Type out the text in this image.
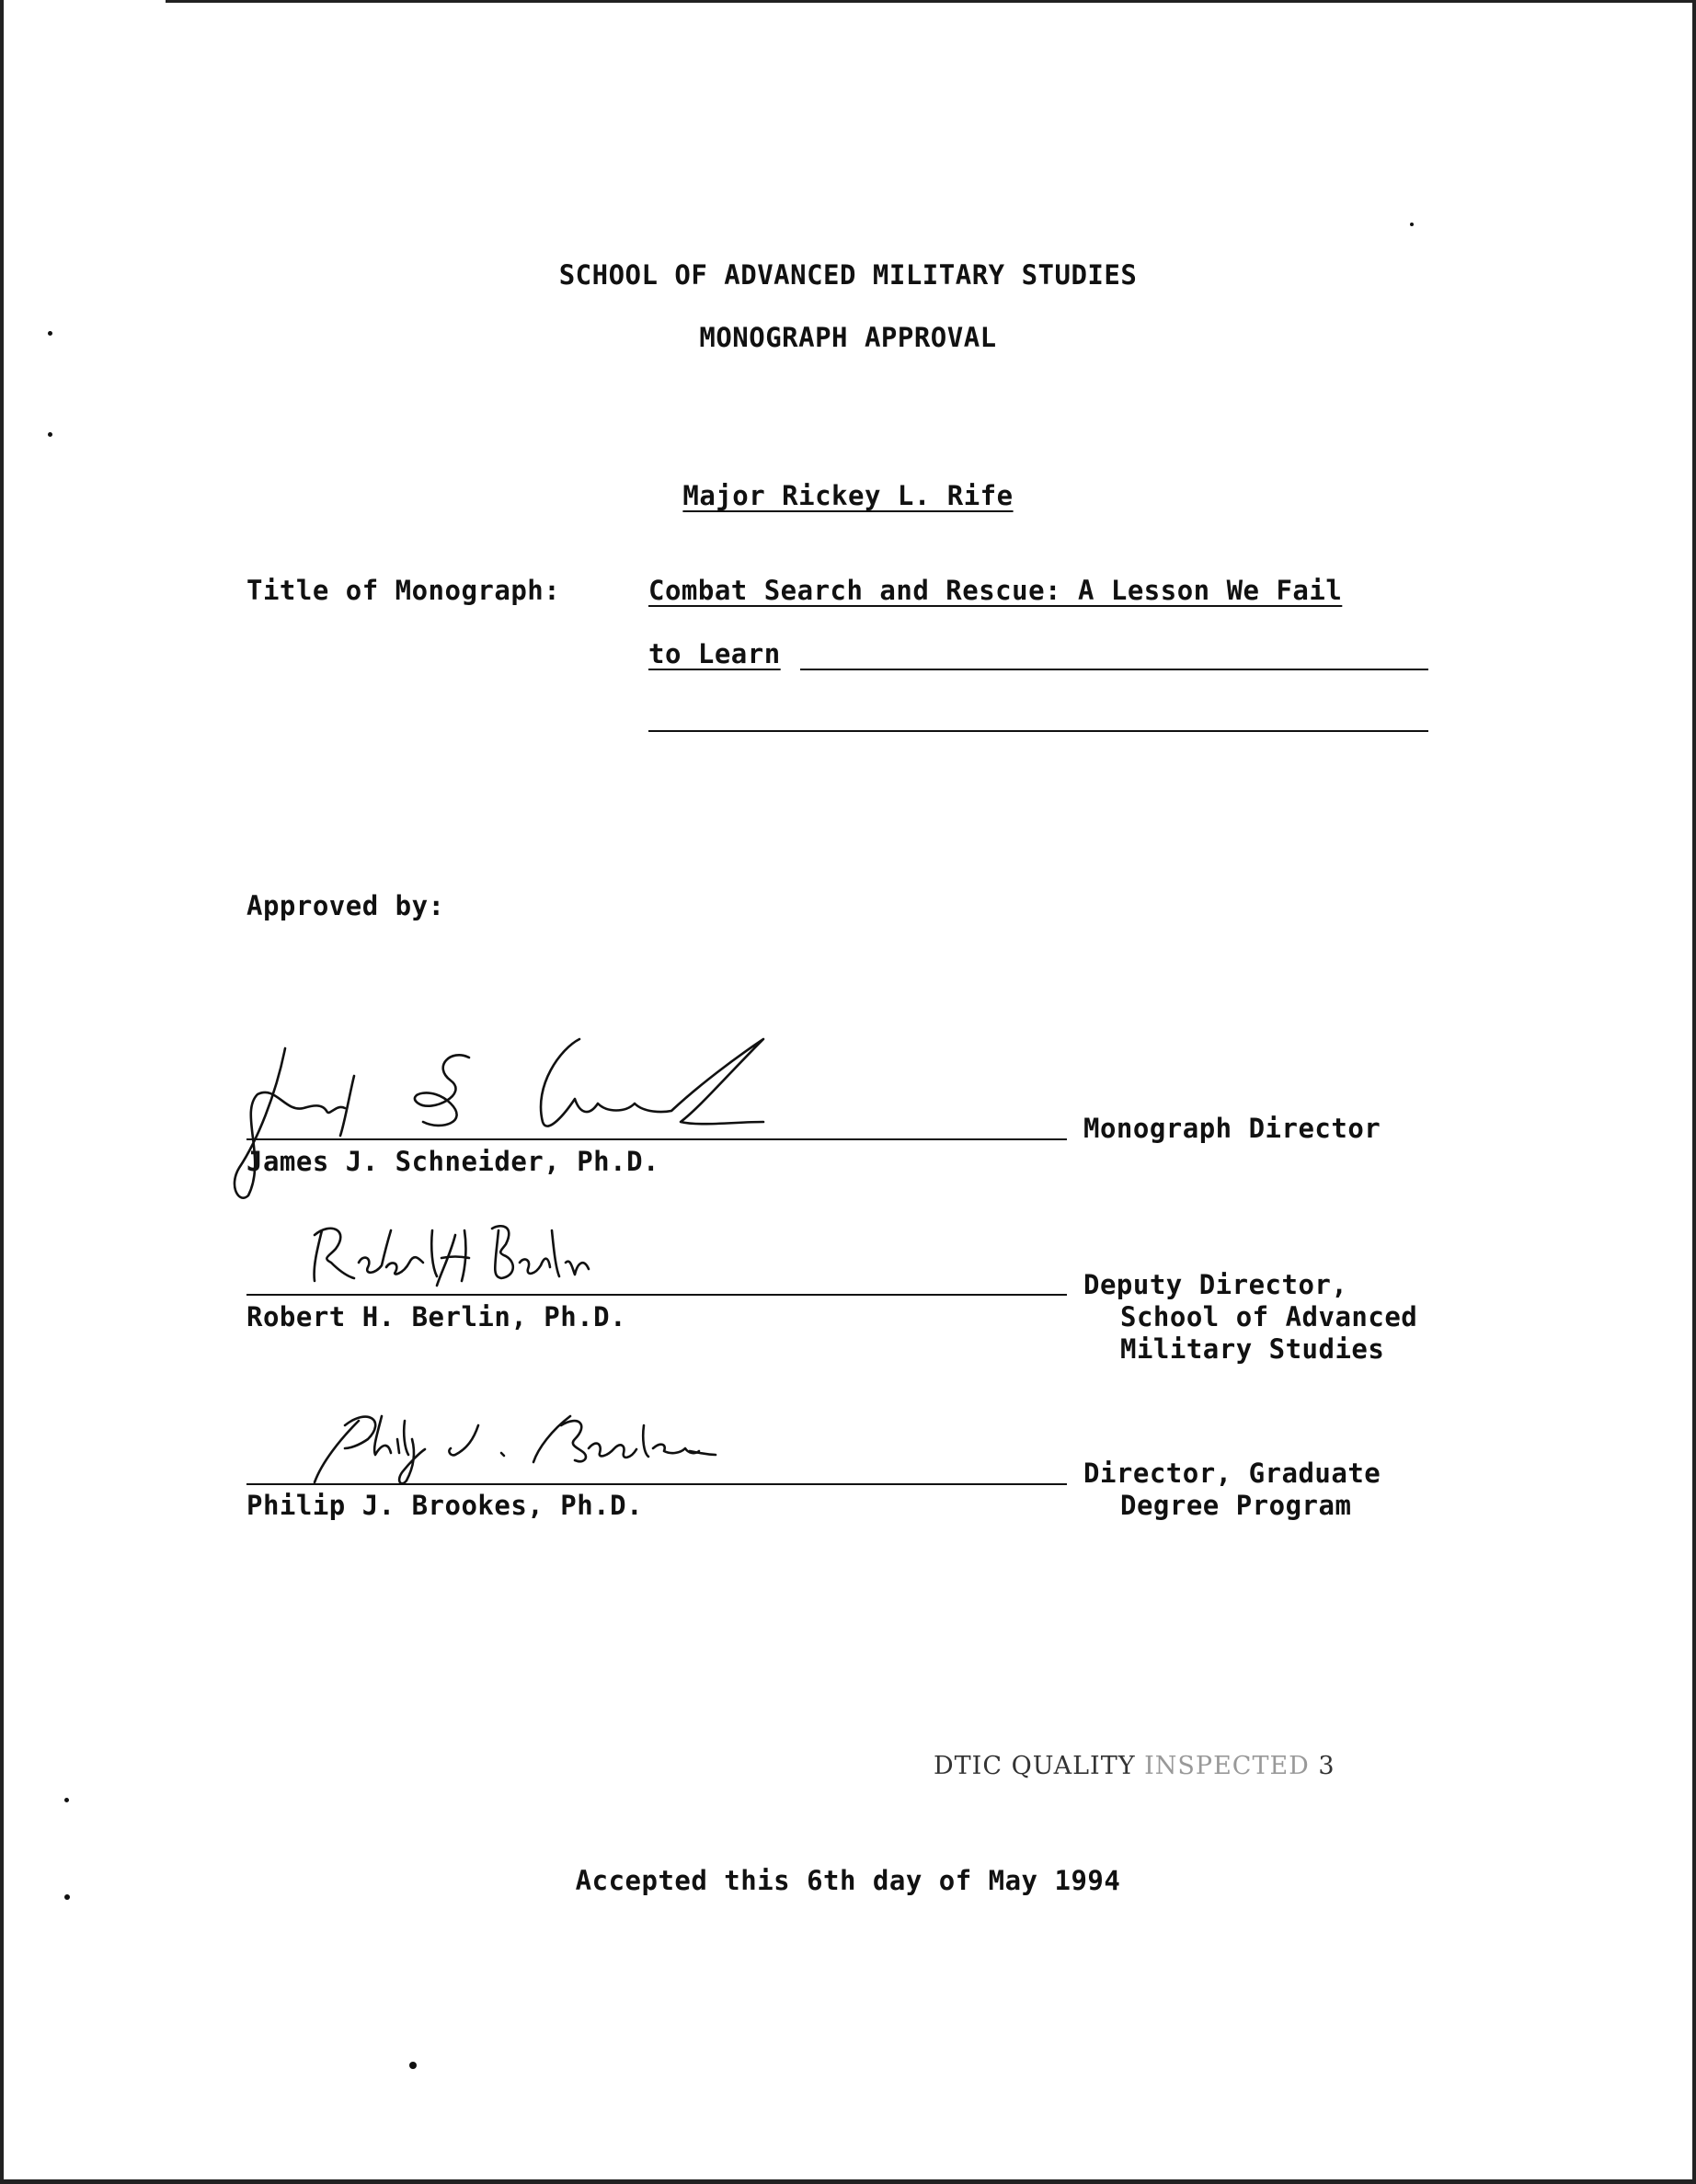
SCHOOL OF ADVANCED MILITARY STUDIES
MONOGRAPH APPROVAL
Major Rickey L. Rife
Title of Monograph:	Combat Search and Rescue: A Lesson We Fail
to Learn
Approved by:
James J. Schneider, Ph.D.
Monograph Director
Robert H. Berlin, Ph.D.
Deputy Director,
School of Advanced
Military Studies
Philip J. Brookes, Ph.D.
Director, Graduate
Degree Program
DTIC QUALITY INSPECTED 3
Accepted this 6th day of May 1994
